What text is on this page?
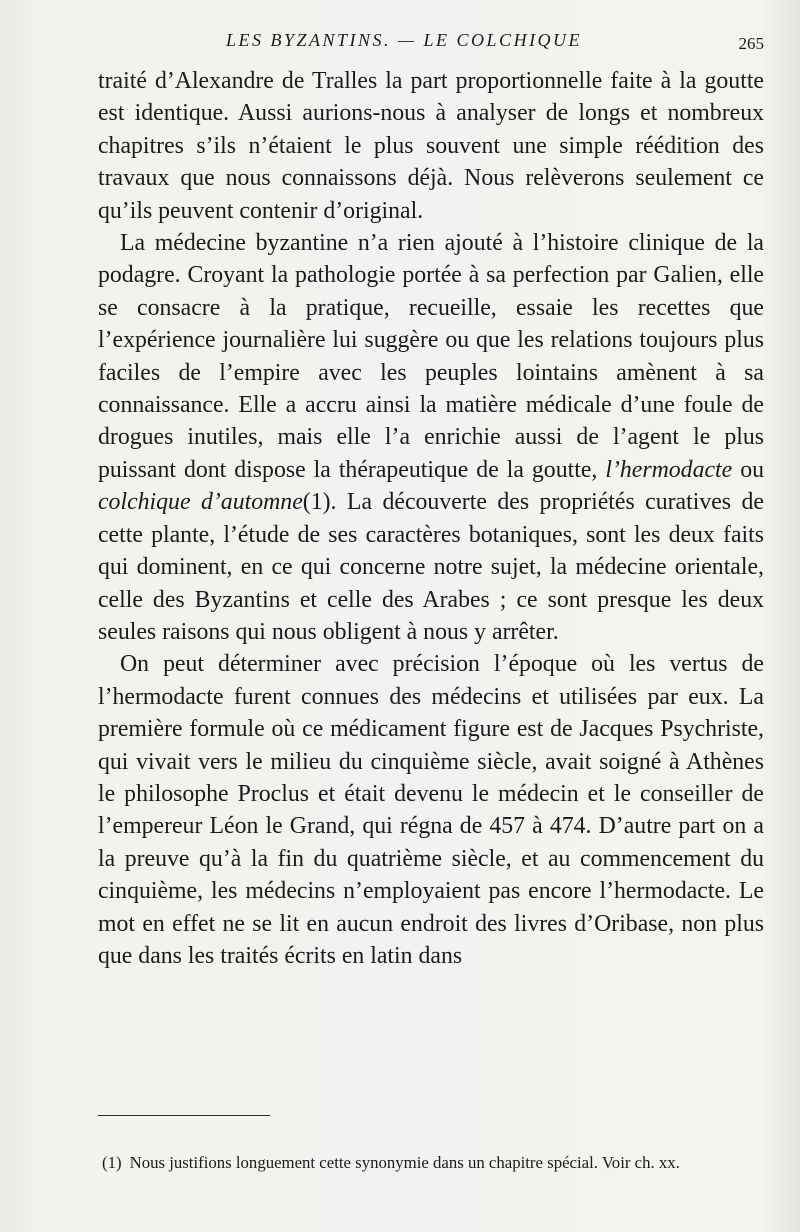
LES BYZANTINS. — LE COLCHIQUE	265

traité d’Alexandre de Tralles la part proportionnelle faite à la goutte est identique. Aussi aurions-nous à analyser de longs et nombreux chapitres s’ils n’étaient le plus souvent une simple réédition des travaux que nous connaissons déjà. Nous relèverons seulement ce qu’ils peuvent contenir d’original.

La médecine byzantine n’a rien ajouté à l’histoire clinique de la podagre. Croyant la pathologie portée à sa perfection par Galien, elle se consacre à la pratique, recueille, essaie les recettes que l’expérience journalière lui suggère ou que les relations toujours plus faciles de l’empire avec les peuples lointains amènent à sa connaissance. Elle a accru ainsi la matière médicale d’une foule de drogues inutiles, mais elle l’a enrichie aussi de l’agent le plus puissant dont dispose la thérapeutique de la goutte, l’hermodacte ou colchique d’automne(1). La découverte des propriétés curatives de cette plante, l’étude de ses caractères botaniques, sont les deux faits qui dominent, en ce qui concerne notre sujet, la médecine orientale, celle des Byzantins et celle des Arabes ; ce sont presque les deux seules raisons qui nous obligent à nous y arrêter.

On peut déterminer avec précision l’époque où les vertus de l’hermodacte furent connues des médecins et utilisées par eux. La première formule où ce médicament figure est de Jacques Psychriste, qui vivait vers le milieu du cinquième siècle, avait soigné à Athènes le philosophe Proclus et était devenu le médecin et le conseiller de l’empereur Léon le Grand, qui régna de 457 à 474. D’autre part on a la preuve qu’à la fin du quatrième siècle, et au commencement du cinquième, les médecins n’employaient pas encore l’hermodacte. Le mot en effet ne se lit en aucun endroit des livres d’Oribase, non plus que dans les traités écrits en latin dans

(1) Nous justifions longuement cette synonymie dans un chapitre spécial. Voir ch. xx.
